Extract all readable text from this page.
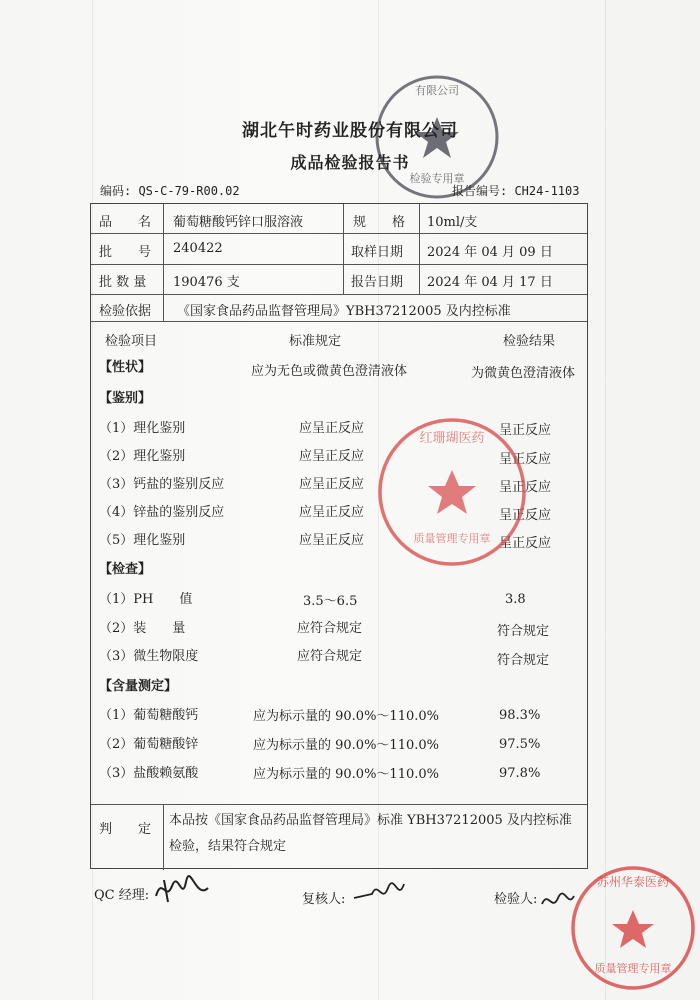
有限公司
检验专用章
湖北午时药业股份有限公司
成品检验报告书
编码: QS-C-79-R00.02	报告编号: CH24-1103
品　　名 葡萄糖酸钙锌口服溶液	规　　格 10ml/支
批　　号 240422	取样日期 2024 年 04 月 09 日
批 数 量 190476 支	报告日期 2024 年 04 月 17 日
检验依据 《国家食品药品监督管理局》YBH37212005 及内控标准
检验项目	标准规定	检验结果
【性状】	应为无色或微黄色澄清液体	为微黄色澄清液体
【鉴别】
（1）理化鉴别	应呈正反应	呈正反应
（2）理化鉴别	应呈正反应	呈正反应
（3）钙盐的鉴别反应	应呈正反应	呈正反应
（4）锌盐的鉴别反应	应呈正反应	呈正反应
（5）理化鉴别	应呈正反应	呈正反应
【检查】
（1）PH　　值	3.5～6.5	3.8
（2）装　　量	应符合规定	符合规定
（3）微生物限度	应符合规定	符合规定
【含量测定】
（1）葡萄糖酸钙	应为标示量的 90.0%～110.0%	98.3%
（2）葡萄糖酸锌	应为标示量的 90.0%～110.0%	97.5%
（3）盐酸赖氨酸	应为标示量的 90.0%～110.0%	97.8%
判　　定
本品按《国家食品药品监督管理局》标准 YBH37212005 及内控标准检验，结果符合规定
红珊瑚医药
质量管理专用章
QC 经理:	复核人:	检验人:
苏州华泰医药
质量管理专用章
